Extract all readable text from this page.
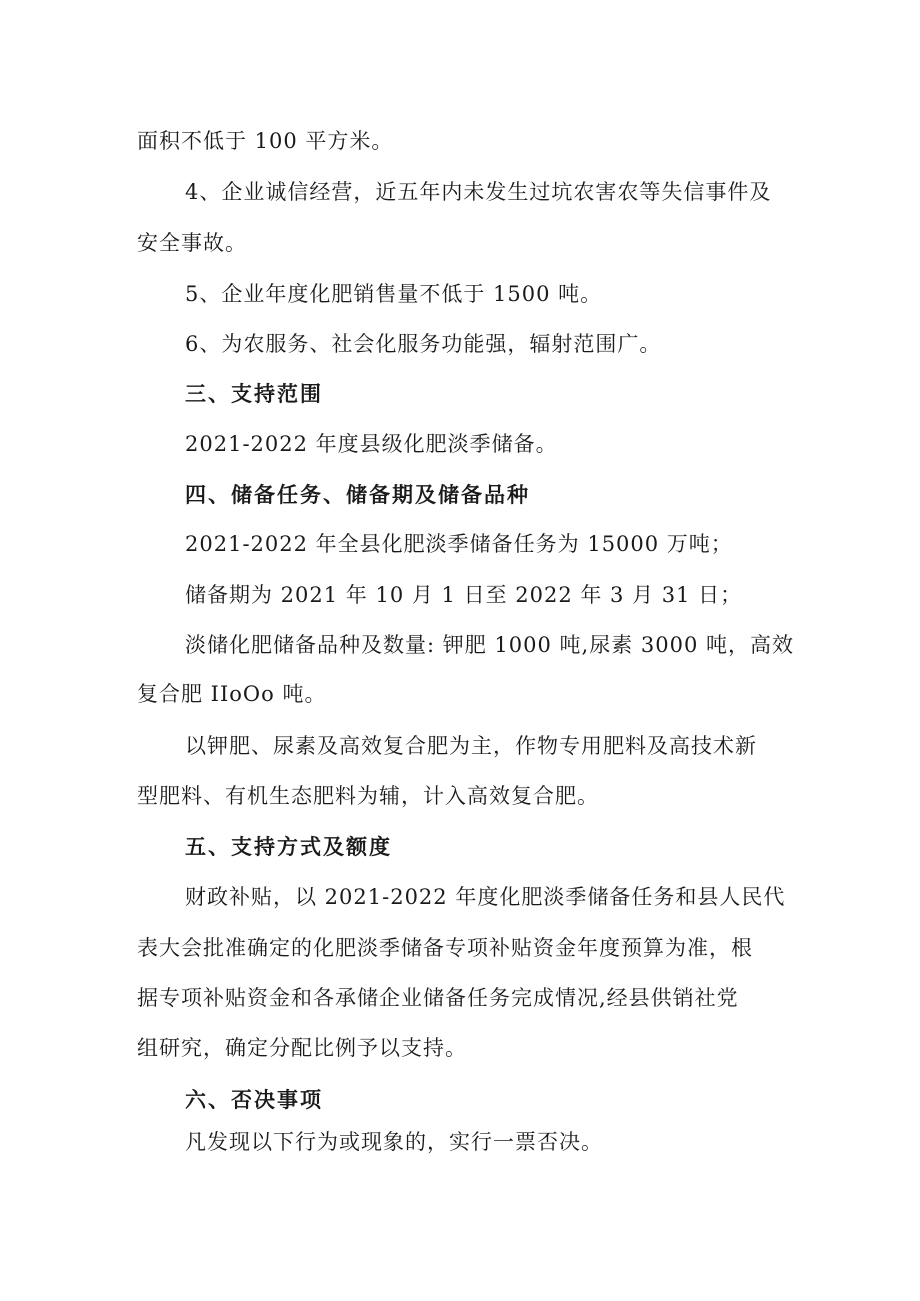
面积不低于 100 平方米。
4、企业诚信经营，近五年内未发生过坑农害农等失信事件及
安全事故。
5、企业年度化肥销售量不低于 1500 吨。
6、为农服务、社会化服务功能强，辐射范围广。
三、支持范围
2021-2022 年度县级化肥淡季储备。
四、储备任务、储备期及储备品种
2021-2022 年全县化肥淡季储备任务为 15000 万吨；
储备期为 2021 年 10 月 1 日至 2022 年 3 月 31 日；
淡储化肥储备品种及数量: 钾肥 1000 吨,尿素 3000 吨，高效
复合肥 IIoOo 吨。
以钾肥、尿素及高效复合肥为主，作物专用肥料及高技术新
型肥料、有机生态肥料为辅，计入高效复合肥。
五、支持方式及额度
财政补贴，以 2021-2022 年度化肥淡季储备任务和县人民代
表大会批准确定的化肥淡季储备专项补贴资金年度预算为准，根
据专项补贴资金和各承储企业储备任务完成情况,经县供销社党
组研究，确定分配比例予以支持。
六、否决事项
凡发现以下行为或现象的，实行一票否决。
